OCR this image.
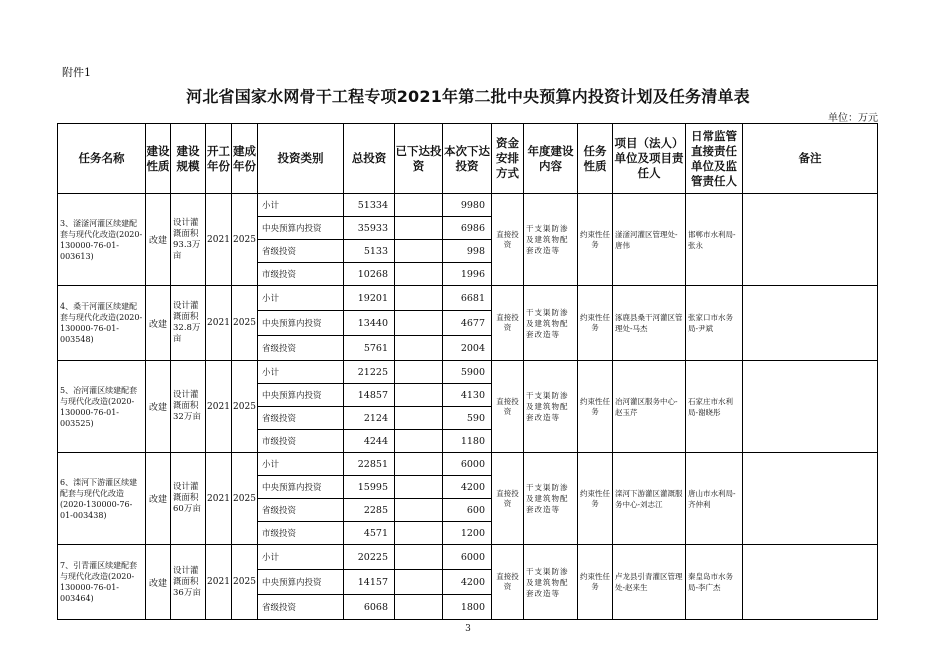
附件1
河北省国家水网骨干工程专项2021年第二批中央预算内投资计划及任务清单表
单位：万元
任务名称	建设性质	建设规模	开工年份	建成年份	投资类别	总投资	已下达投资	本次下达投资	资金安排方式	年度建设内容	任务性质	项目（法人）单位及项目责任人	日常监管直接责任单位及监管责任人	备注
3、滏滏河灌区续建配套与现代化改造(2020-130000-76-01-003613)	改建	设计灌溉面积93.3万亩	2021	2025	小计	51334		9980	直接投资	干支渠防渗及建筑物配套改造等	约束性任务	滏滏河灌区管理处-唐伟	邯郸市水利局-张永	
					中央预算内投资	35933		6986						
					省级投资	5133		998						
					市级投资	10268		1996						
4、桑干河灌区续建配套与现代化改造(2020-130000-76-01-003548)	改建	设计灌溉面积32.8万亩	2021	2025	小计	19201		6681	直接投资	干支渠防渗及建筑物配套改造等	约束性任务	涿鹿县桑干河灌区管理处-马杰	张家口市水务局-尹斌	
					中央预算内投资	13440		4677						
					省级投资	5761		2004						
5、冶河灌区续建配套与现代化改造(2020-130000-76-01-003525)	改建	设计灌溉面积32万亩	2021	2025	小计	21225		5900	直接投资	干支渠防渗及建筑物配套改造等	约束性任务	冶河灌区服务中心-赵玉芹	石家庄市水利局-谢晓彤	
					中央预算内投资	14857		4130						
					省级投资	2124		590						
					市级投资	4244		1180						
6、滦河下游灌区续建配套与现代化改造(2020-130000-76-01-003438)	改建	设计灌溉面积60万亩	2021	2025	小计	22851		6000	直接投资	干支渠防渗及建筑物配套改造等	约束性任务	滦河下游灌区灌溉服务中心-刘志江	唐山市水利局-齐仲利	
					中央预算内投资	15995		4200						
					省级投资	2285		600						
					市级投资	4571		1200						
7、引青灌区续建配套与现代化改造(2020-130000-76-01-003464)	改建	设计灌溉面积36万亩	2021	2025	小计	20225		6000	直接投资	干支渠防渗及建筑物配套改造等	约束性任务	卢龙县引青灌区管理处-赵来生	秦皇岛市水务局-李广杰	
					中央预算内投资	14157		4200						
					省级投资	6068		1800						
3
